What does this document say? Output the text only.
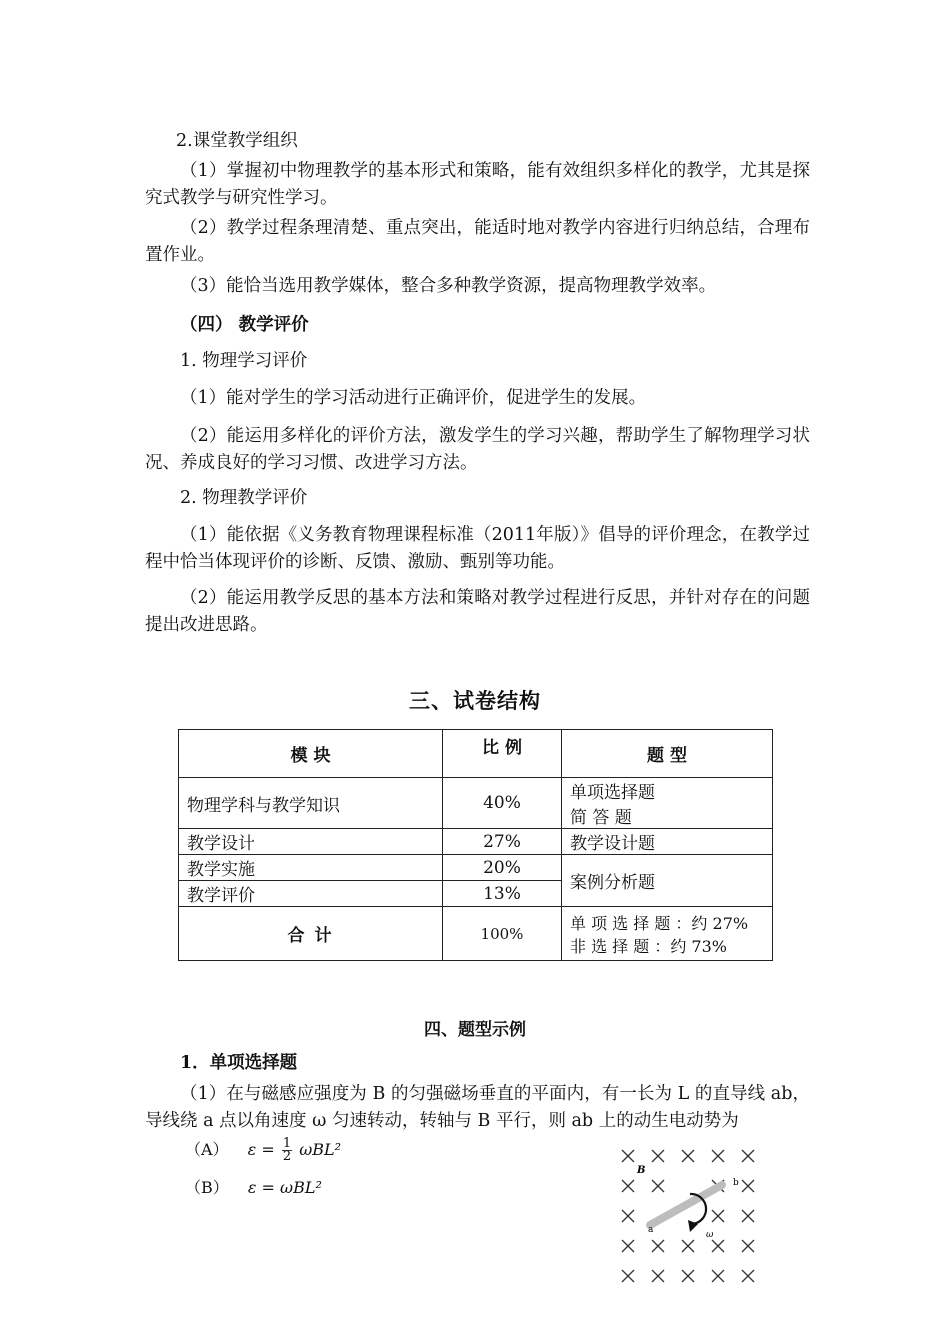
2.课堂教学组织
（1）掌握初中物理教学的基本形式和策略，能有效组织多样化的教学，尤其是探究式教学与研究性学习。
（2）教学过程条理清楚、重点突出，能适时地对教学内容进行归纳总结，合理布置作业。
（3）能恰当选用教学媒体，整合多种教学资源，提高物理教学效率。
（四） 教学评价
1. 物理学习评价
（1）能对学生的学习活动进行正确评价，促进学生的发展。
（2）能运用多样化的评价方法，激发学生的学习兴趣，帮助学生了解物理学习状况、养成良好的学习习惯、改进学习方法。
2. 物理教学评价
（1）能依据《义务教育物理课程标准（2011年版）》倡导的评价理念，在教学过程中恰当体现评价的诊断、反馈、激励、甄别等功能。
（2）能运用教学反思的基本方法和策略对教学过程进行反思，并针对存在的问题提出改进思路。
三、试卷结构
模 块	比 例	题 型
物理学科与教学知识	40%	单项选择题
简 答 题

教学设计	27%	教学设计题
教学实施	20%	案例分析题
教学评价	13%	
合 计	100%	单 项 选 择 题 ：约 27%
非 选 择 题 ：约 73%
四、题型示例
1．单项选择题
（1）在与磁感应强度为 B 的匀强磁场垂直的平面内，有一长为 L 的直导线 ab，导线绕 a 点以角速度 ω 匀速转动，转轴与 B 平行，则 ab 上的动生电动势为
（A） $\varepsilon = \frac{1}{2} \omega BL^2$
（B） ε = ωBL²
B
a
b
ω
